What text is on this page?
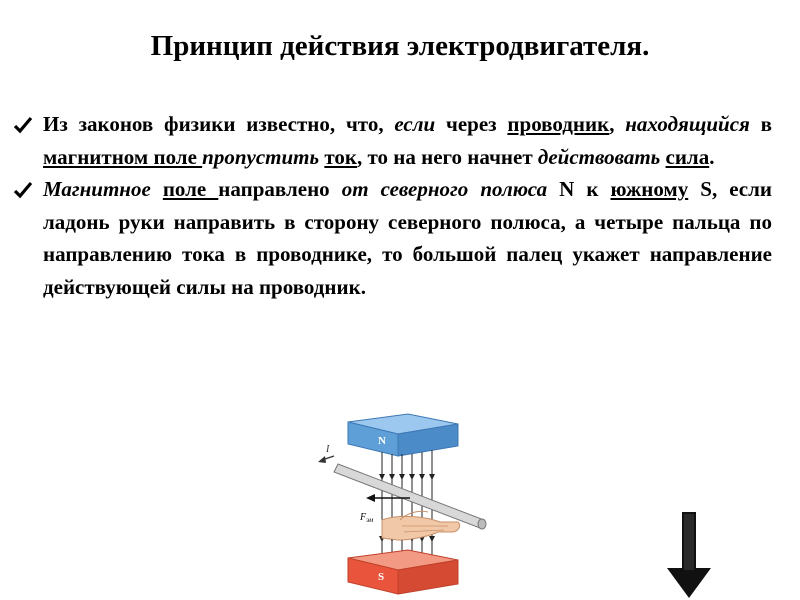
Принцип действия электродвигателя.
Из законов физики известно, что, если через проводник, находящийся в магнитном поле пропустить ток, то на него начнет действовать сила.
Магнитное поле направлено от северного полюса N к южному S, если ладонь руки направить в сторону северного полюса, а четыре пальца по направлению тока в проводнике, то большой палец укажет направление действующей силы на проводник.
N
I
$F_{эм}$
S
